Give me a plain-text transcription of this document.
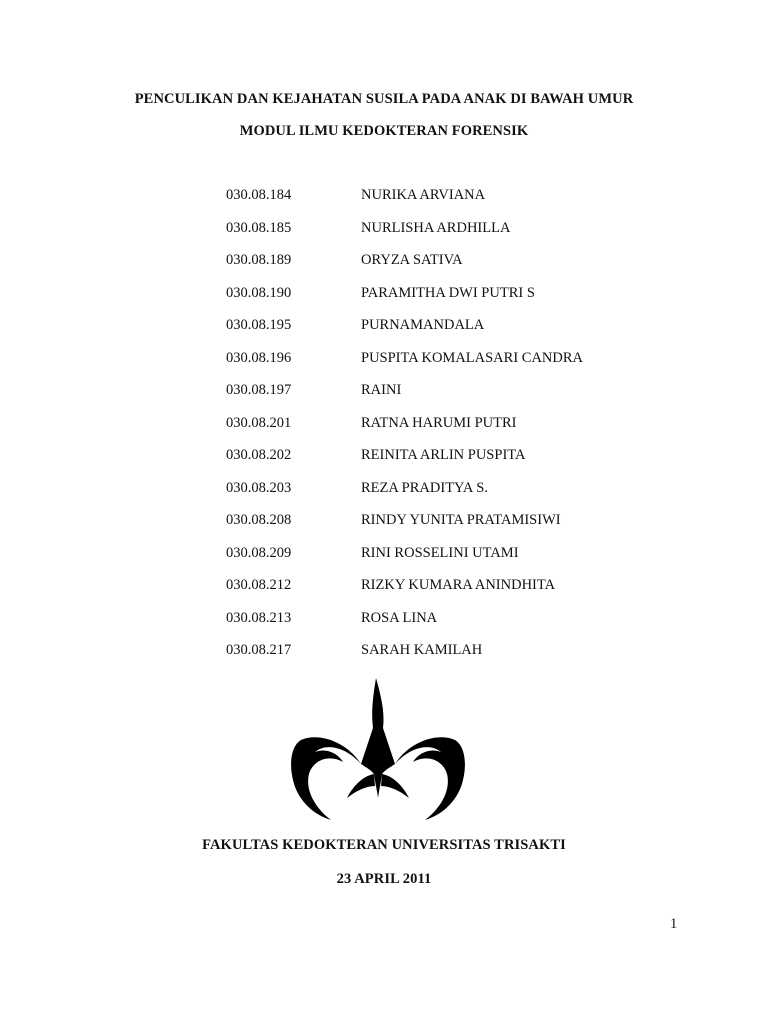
PENCULIKAN DAN KEJAHATAN SUSILA PADA ANAK DI BAWAH UMUR
MODUL ILMU KEDOKTERAN FORENSIK
030.08.184	NURIKA ARVIANA
030.08.185	NURLISHA ARDHILLA
030.08.189	ORYZA SATIVA
030.08.190	PARAMITHA DWI PUTRI S
030.08.195	PURNAMANDALA
030.08.196	PUSPITA KOMALASARI CANDRA
030.08.197	RAINI
030.08.201	RATNA HARUMI PUTRI
030.08.202	REINITA ARLIN PUSPITA
030.08.203	REZA PRADITYA S.
030.08.208	RINDY YUNITA PRATAMISIWI
030.08.209	RINI ROSSELINI UTAMI
030.08.212	RIZKY KUMARA ANINDHITA
030.08.213	ROSA LINA
030.08.217	SARAH KAMILAH
FAKULTAS KEDOKTERAN UNIVERSITAS TRISAKTI
23 APRIL 2011
1
